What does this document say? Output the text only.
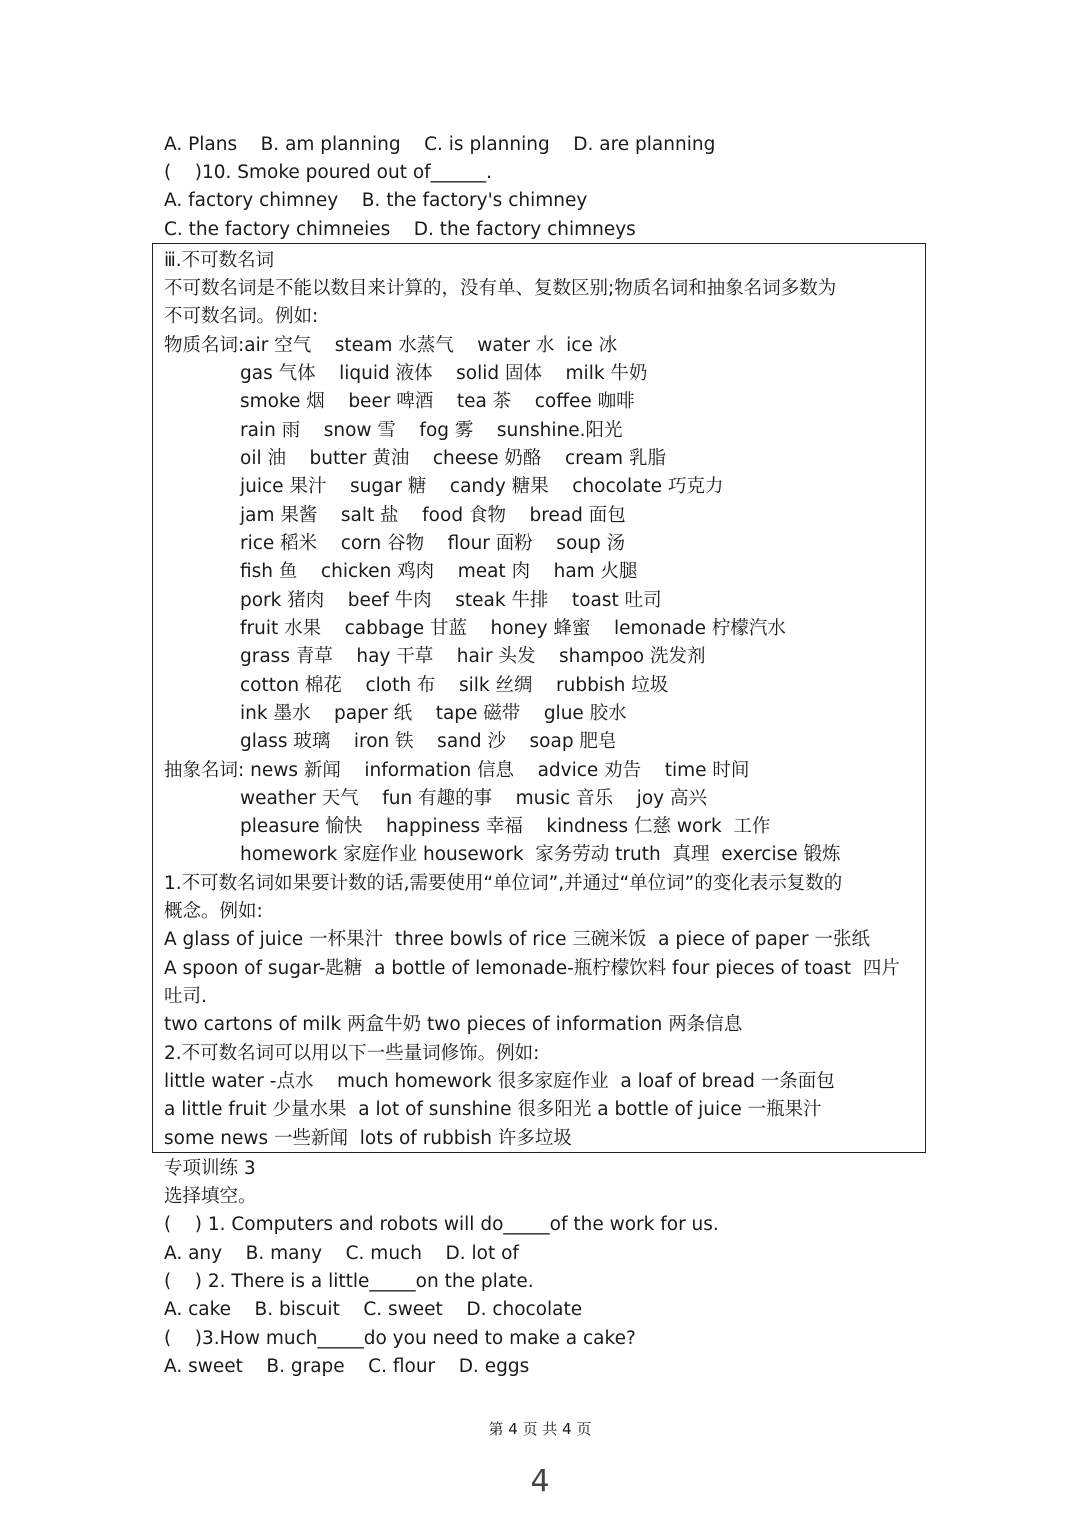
A. Plans    B. am planning    C. is planning    D. are planning
(    )10. Smoke poured out of______.
A. factory chimney    B. the factory's chimney
C. the factory chimneies    D. the factory chimneys
ⅲ.不可数名词
不可数名词是不能以数目来计算的，没有单、复数区别;物质名词和抽象名词多数为
不可数名词。例如:
物质名词:air 空气    steam 水蒸气    water 水  ice 冰
gas 气体    liquid 液体    solid 固体    milk 牛奶
smoke 烟    beer 啤酒    tea 茶    coffee 咖啡
rain 雨    snow 雪    fog 雾    sunshine.阳光
oil 油    butter 黄油    cheese 奶酪    cream 乳脂
juice 果汁    sugar 糖    candy 糖果    chocolate 巧克力
jam 果酱    salt 盐    food 食物    bread 面包
rice 稻米    corn 谷物    flour 面粉    soup 汤
fish 鱼    chicken 鸡肉    meat 肉    ham 火腿
pork 猪肉    beef 牛肉    steak 牛排    toast 吐司
fruit 水果    cabbage 甘蓝    honey 蜂蜜    lemonade 柠檬汽水
grass 青草    hay 干草    hair 头发    shampoo 洗发剂
cotton 棉花    cloth 布    silk 丝绸    rubbish 垃圾
ink 墨水    paper 纸    tape 磁带    glue 胶水
glass 玻璃    iron 铁    sand 沙    soap 肥皂
抽象名词: news 新闻    information 信息    advice 劝告    time 时间
weather 天气    fun 有趣的事    music 音乐    joy 高兴
pleasure 愉快    happiness 幸福    kindness 仁慈 work  工作
homework 家庭作业 housework  家务劳动 truth  真理  exercise 锻炼
1.不可数名词如果要计数的话,需要使用“单位词”,并通过“单位词”的变化表示复数的
概念。例如:
A glass of juice 一杯果汁  three bowls of rice 三碗米饭  a piece of paper 一张纸
A spoon of sugar-匙糖  a bottle of lemonade-瓶柠檬饮料 four pieces of toast  四片
吐司.
two cartons of milk 两盒牛奶 two pieces of information 两条信息
2.不可数名词可以用以下一些量词修饰。例如:
little water -点水    much homework 很多家庭作业  a loaf of bread 一条面包
a little fruit 少量水果  a lot of sunshine 很多阳光 a bottle of juice 一瓶果汁
some news 一些新闻  lots of rubbish 许多垃圾
专项训练 3
选择填空。
(    ) 1. Computers and robots will do_____of the work for us.
A. any    B. many    C. much    D. lot of
(    ) 2. There is a little_____on the plate.
A. cake    B. biscuit    C. sweet    D. chocolate
(    )3.How much_____do you need to make a cake?
A. sweet    B. grape    C. flour    D. eggs
第 4 页 共 4 页
4
